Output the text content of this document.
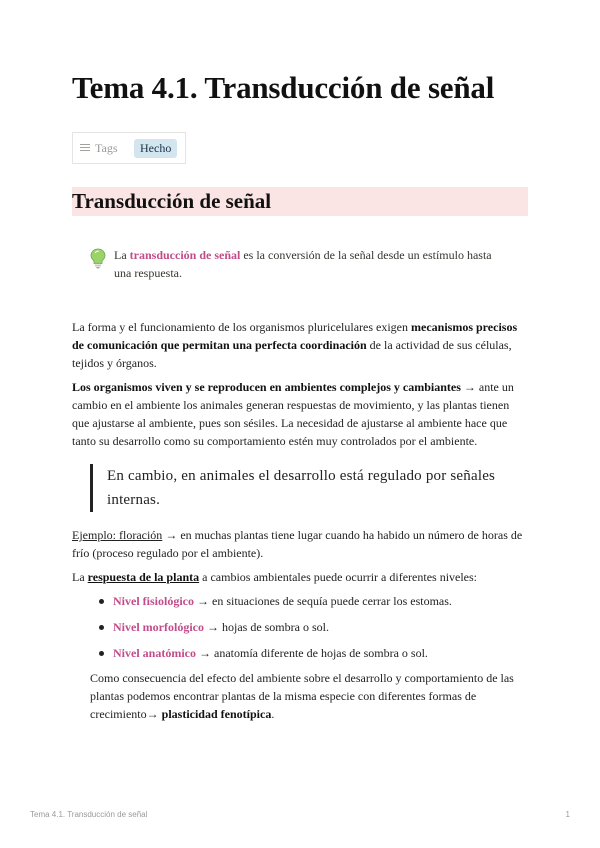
Tema 4.1. Transducción de señal
Tags	Hecho
Transducción de señal
La transducción de señal es la conversión de la señal desde un estímulo hasta una respuesta.

La forma y el funcionamiento de los organismos pluricelulares exigen mecanismos precisos de comunicación que permitan una perfecta coordinación de la actividad de sus células, tejidos y órganos.

Los organismos viven y se reproducen en ambientes complejos y cambiantes → ante un cambio en el ambiente los animales generan respuestas de movimiento, y las plantas tienen que ajustarse al ambiente, pues son sésiles. La necesidad de ajustarse al ambiente hace que tanto su desarrollo como su comportamiento estén muy controlados por el ambiente.

En cambio, en animales el desarrollo está regulado por señales internas.

Ejemplo: floración → en muchas plantas tiene lugar cuando ha habido un número de horas de frío (proceso regulado por el ambiente).

La respuesta de la planta a cambios ambientales puede ocurrir a diferentes niveles:

Nivel fisiológico → en situaciones de sequía puede cerrar los estomas.
Nivel morfológico → hojas de sombra o sol.
Nivel anatómico → anatomía diferente de hojas de sombra o sol.

Como consecuencia del efecto del ambiente sobre el desarrollo y comportamiento de las plantas podemos encontrar plantas de la misma especie con diferentes formas de crecimiento→ plasticidad fenotípica.

Tema 4.1. Transducción de señal	1
